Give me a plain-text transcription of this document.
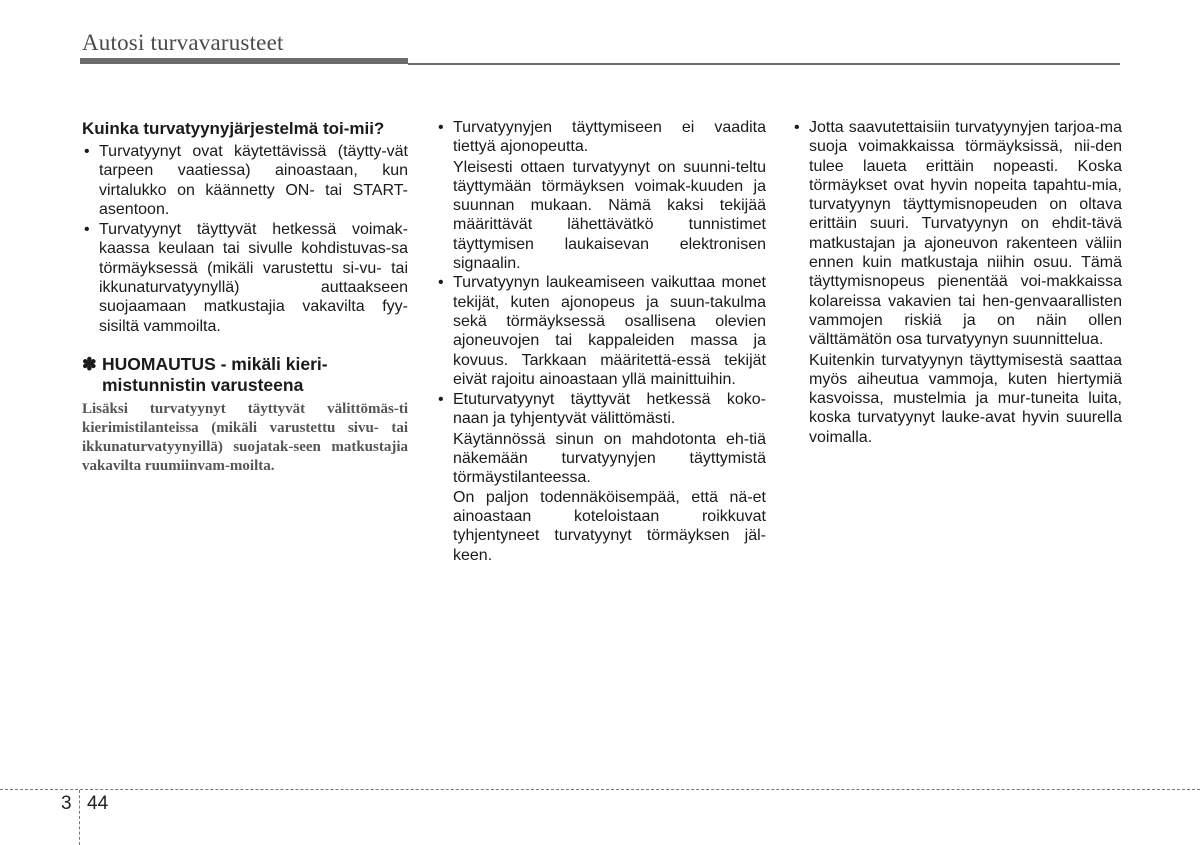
Autosi turvavarusteet
Kuinka turvatyynyjärjestelmä toi-mii?
• Turvatyynyt ovat käytettävissä (täytty-vät tarpeen vaatiessa) ainoastaan, kun virtalukko on käännetty ON- tai START-asentoon.
• Turvatyynyt täyttyvät hetkessä voimak-kaassa keulaan tai sivulle kohdistuvas-sa törmäyksessä (mikäli varustettu si-vu- tai ikkunaturvatyynyllä) auttaakseen suojaamaan matkustajia vakavilta fyy-sisiltä vammoilta.
✽ HUOMAUTUS - mikäli kieri-mistunnistin varusteena
Lisäksi turvatyynyt täyttyvät välittömäs-ti kierimistilanteissa (mikäli varustettu sivu- tai ikkunaturvatyynyillä) suojatak-seen matkustajia vakavilta ruumiinvam-moilta.
• Turvatyynyjen täyttymiseen ei vaadita tiettyä ajonopeutta.

Yleisesti ottaen turvatyynyt on suunni-teltu täyttymään törmäyksen voimak-kuuden ja suunnan mukaan. Nämä kaksi tekijää määrittävät lähettävätkö tunnistimet täyttymisen laukaisevan elektronisen signaalin.

• Turvatyynyn laukeamiseen vaikuttaa monet tekijät, kuten ajonopeus ja suun-takulma sekä törmäyksessä osallisena olevien ajoneuvojen tai kappaleiden massa ja kovuus. Tarkkaan määritettä-essä tekijät eivät rajoitu ainoastaan yllä mainittuihin.
• Etuturvatyynyt täyttyvät hetkessä koko-naan ja tyhjentyvät välittömästi.

Käytännössä sinun on mahdotonta eh-tiä näkemään turvatyynyjen täyttymistä törmäystilanteessa.

On paljon todennäköisempää, että nä-et ainoastaan koteloistaan roikkuvat tyhjentyneet turvatyynyt törmäyksen jäl-keen.

• Jotta saavutettaisiin turvatyynyjen tarjoa-ma suoja voimakkaissa törmäyksissä, nii-den tulee laueta erittäin nopeasti. Koska törmäykset ovat hyvin nopeita tapahtu-mia, turvatyynyn täyttymisnopeuden on oltava erittäin suuri. Turvatyynyn on ehdit-tävä matkustajan ja ajoneuvon rakenteen väliin ennen kuin matkustaja niihin osuu. Tämä täyttymisnopeus pienentää voi-makkaissa kolareissa vakavien tai hen-genvaarallisten vammojen riskiä ja on näin ollen välttämätön osa turvatyynyn suunnittelua.

Kuitenkin turvatyynyn täyttymisestä saattaa myös aiheutua vammoja, kuten hiertymiä kasvoissa, mustelmia ja mur-tuneita luita, koska turvatyynyt lauke-avat hyvin suurella voimalla.

3 44
